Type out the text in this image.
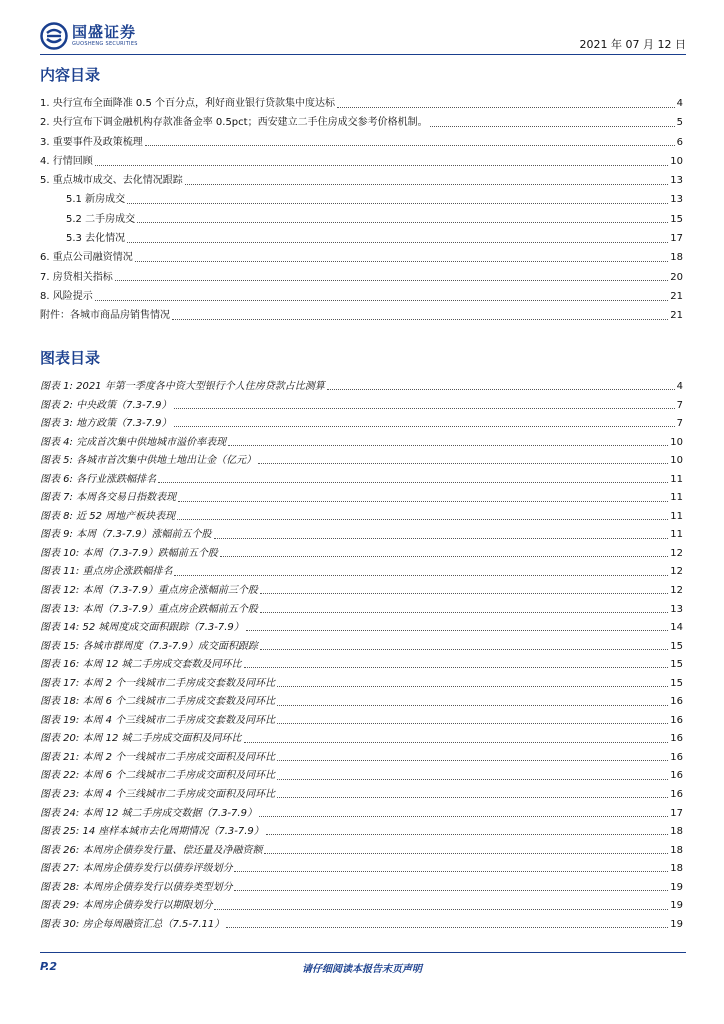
国盛证券
GUOSHENG SECURITIES	2021 年 07 月 12 日
内容目录
1. 央行宣布全面降准 0.5 个百分点，利好商业银行贷款集中度达标	4
2. 央行宣布下调金融机构存款准备金率 0.5pct；西安建立二手住房成交参考价格机制。	5
3. 重要事件及政策梳理	6
4. 行情回顾	10
5. 重点城市成交、去化情况跟踪	13
5.1 新房成交	13
5.2 二手房成交	15
5.3 去化情况	17
6. 重点公司融资情况	18
7. 房贷相关指标	20
8. 风险提示	21
附件：各城市商品房销售情况	21
图表目录
图表 1: 2021 年第一季度各中资大型银行个人住房贷款占比测算	4
图表 2: 中央政策（7.3-7.9）	7
图表 3: 地方政策（7.3-7.9）	7
图表 4: 完成首次集中供地城市溢价率表现	10
图表 5: 各城市首次集中供地土地出让金（亿元）	10
图表 6: 各行业涨跌幅排名	11
图表 7: 本周各交易日指数表现	11
图表 8: 近 52 周地产板块表现	11
图表 9: 本周（7.3-7.9）涨幅前五个股	11
图表 10: 本周（7.3-7.9）跌幅前五个股	12
图表 11: 重点房企涨跌幅排名	12
图表 12: 本周（7.3-7.9）重点房企涨幅前三个股	12
图表 13: 本周（7.3-7.9）重点房企跌幅前五个股	13
图表 14: 52 城周度成交面积跟踪（7.3-7.9）	14
图表 15: 各城市群周度（7.3-7.9）成交面积跟踪	15
图表 16: 本周 12 城二手房成交套数及同环比	15
图表 17: 本周 2 个一线城市二手房成交套数及同环比	15
图表 18: 本周 6 个二线城市二手房成交套数及同环比	16
图表 19: 本周 4 个三线城市二手房成交套数及同环比	16
图表 20: 本周 12 城二手房成交面积及同环比	16
图表 21: 本周 2 个一线城市二手房成交面积及同环比	16
图表 22: 本周 6 个二线城市二手房成交面积及同环比	16
图表 23: 本周 4 个三线城市二手房成交面积及同环比	16
图表 24: 本周 12 城二手房成交数据（7.3-7.9）	17
图表 25: 14 座样本城市去化周期情况（7.3-7.9）	18
图表 26: 本周房企债券发行量、偿还量及净融资额	18
图表 27: 本周房企债券发行以债券评级划分	18
图表 28: 本周房企债券发行以债券类型划分	19
图表 29: 本周房企债券发行以期限划分	19
图表 30: 房企每周融资汇总（7.5-7.11）	19
P.2	请仔细阅读本报告末页声明
